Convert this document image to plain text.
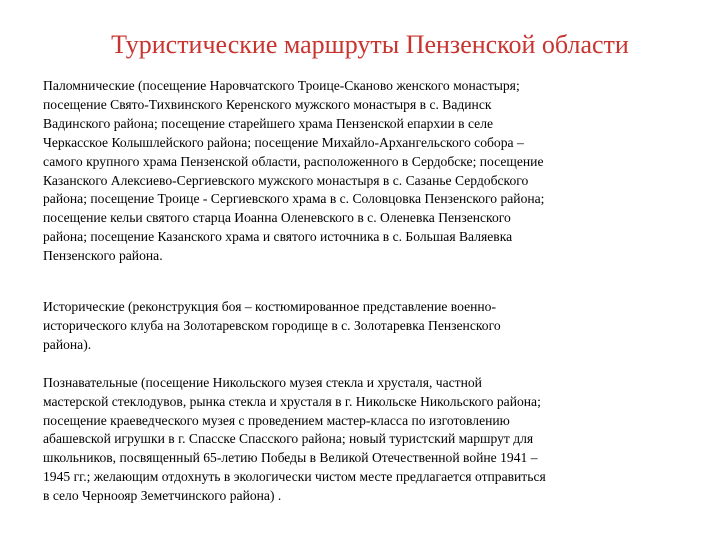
Туристические маршруты Пензенской области

Паломнические (посещение Наровчатского Троице-Сканово женского монастыря;
посещение Свято-Тихвинского Керенского мужского монастыря в с. Вадинск
Вадинского района; посещение старейшего храма Пензенской епархии в селе
Черкасское Колышлейского района; посещение Михайло-Архангельского собора –
самого крупного храма Пензенской области, расположенного в Сердобске; посещение
Казанского Алексиево-Сергиевского мужского монастыря в с. Сазанье Сердобского
района; посещение Троице - Сергиевского храма в с. Соловцовка Пензенского района;
посещение кельи святого старца Иоанна Оленевского в с. Оленевка Пензенского
района; посещение Казанского храма и святого источника в с. Большая Валяевка
Пензенского района.

Исторические (реконструкция боя – костюмированное представление военно-
исторического клуба на Золотаревском городище в с. Золотаревка Пензенского
района).

Познавательные (посещение Никольского музея стекла и хрусталя, частной
мастерской стеклодувов, рынка стекла и хрусталя в г. Никольске Никольского района;
посещение краеведческого музея с проведением мастер-класса по изготовлению
абашевской игрушки в г. Спасске Спасского района; новый туристский маршрут для
школьников, посвященный 65-летию Победы в Великой Отечественной войне 1941 –
1945 гг.; желающим отдохнуть в экологически чистом месте предлагается отправиться
в село Черноояр Земетчинского района) .
